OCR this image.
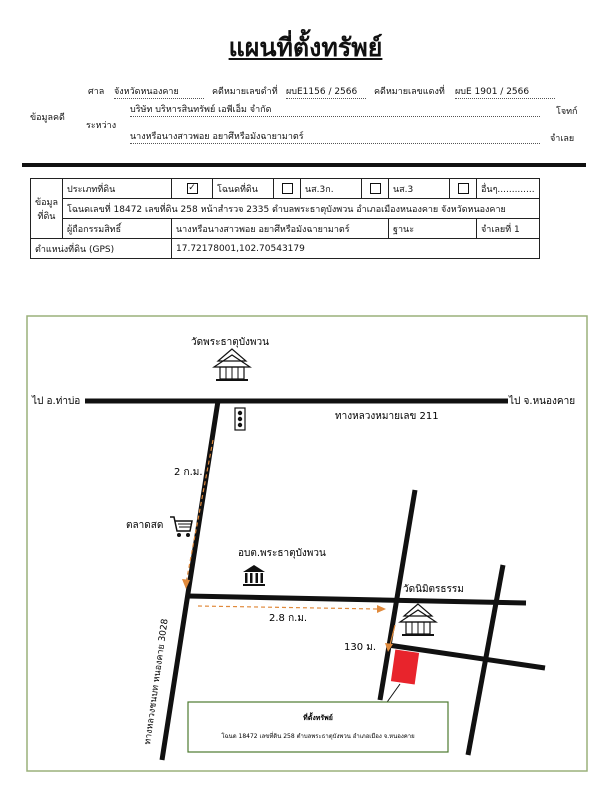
แผนที่ตั้งทรัพย์
ศาล จังหวัดหนองคาย	คดีหมายเลขดำที่ ผบE1156 / 2566	คดีหมายเลขแดงที่ ผบE 1901 / 2566
ข้อมูลคดี
ระหว่าง
บริษัท บริหารสินทรัพย์ เอพีเอ็ม จำกัด	โจทก์
นางหรือนางสาวพอย อยาศึหรือมังฉายามาตร์	จำเลย
ข้อมูลที่ดิน	ประเภทที่ดิน	✓	โฉนดที่ดิน		นส.3ก.		นส.3		อื่นๆ.............
	โฉนดเลขที่ 18472 เลขที่ดิน 258 หน้าสำรวจ 2335 ตำบลพระธาตุบังพวน อำเภอเมืองหนองคาย จังหวัดหนองคาย								
	ผู้ถือกรรมสิทธิ์	นางหรือนางสาวพอย อยาศึหรือมังฉายามาตร์					ฐานะ		จำเลยที่ 1
ตำแหน่งที่ดิน (GPS)		17.72178001,102.70543179							
วัดพระธาตุบังพวน
ไป อ.ท่าบ่อ	ไป จ.หนองคาย
ทางหลวงหมายเลข 211
2 ก.ม.
ตลาดสด
อบต.พระธาตุบังพวน
2.8 ก.ม.
วัดนิมิตรธรรม
130 ม.
ทางหลวงชนบท หนองคาย 3028	ที่ตั้งทรัพย์
โฉนด 18472 เลขที่ดิน 258 ตำบลพระธาตุบังพวน อำเภอเมือง จ.หนองคาย
